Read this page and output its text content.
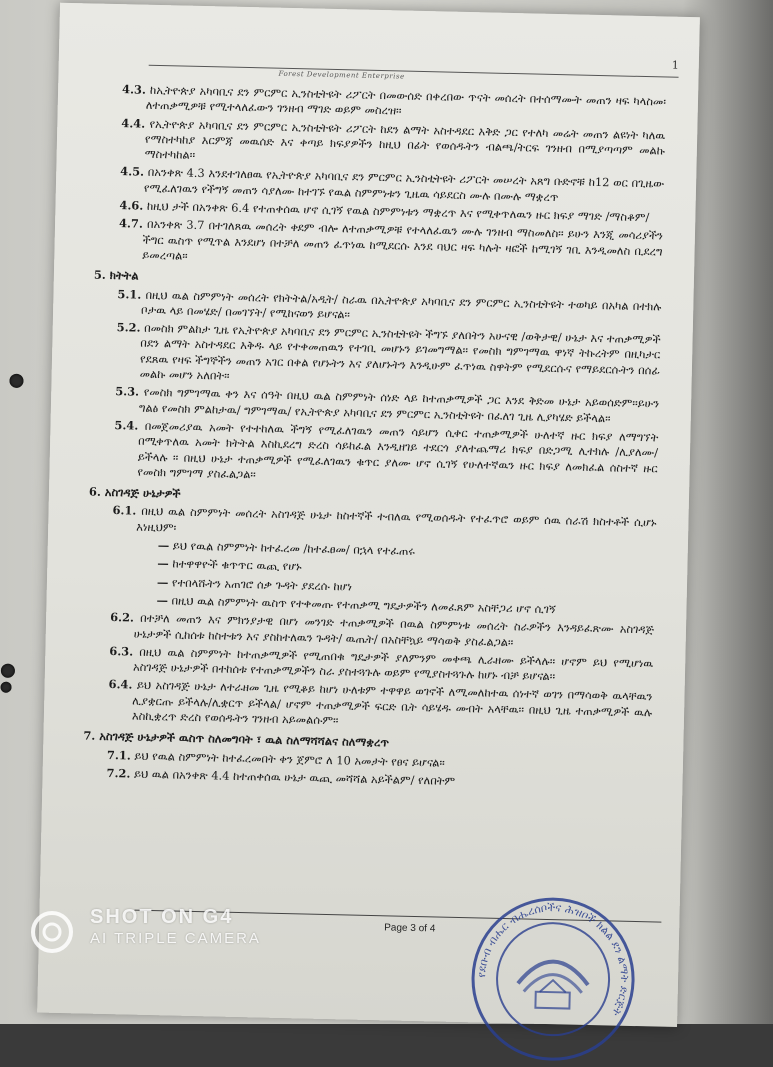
1
Forest Development Enterprise
4.3. ከኢትዮጵያ አካባቢና ደን ምርምር ኢንስቲትዩት ሪፖርት በመውሰድ በቀረበው ጥናት መሰረት በተሰማሙት መጠን ዛፍ ካላስመ፡ ለተጠቃሚዎቹ የሚተላለፈውን ገንዘብ ማገድ ወይም መስረዝ፡፡
4.4. የኢትዮጵያ አካባቢና ደን ምርምር ኢንስቲትዩት ሪፖርት ከደን ልማት አስተዳደር እቅድ ጋር የተለካ መሬት መጠን ልዩነት ካለዉ የማስተካከያ እርምጃ መዉሰድ እና ቀጣይ ክፍያዎችን ከዚህ በፊት የወሰዱትን ብልጫ/ትርፍ ገንዘብ በሚያጣጣም መልኩ ማስተካከል፡፡
4.5. በአንቀጽ 4.3 እንደተገለፀዉ የኢትዮጵያ አካባቢና ደን ምርምር ኢንስቲትዩት ሪፖርት መሠረት አጸግ ቡድኖቹ ከ12 ወር በጊዜው የሚፈለገዉን የችግኝ መጠን ሳያለሙ ከተገኙ የዉል ስምምነቱን ጊዜዉ ሳይደርስ ሙሉ በሙሉ ማቋረጥ
4.6. ከዚህ ታች በአንቀጽ 6.4 የተጠቀሰዉ ሆኖ ሲገኝ የዉል ስምምነቱን ማቋረጥ እና የሚቀጥለዉን ዙር ክፍያ ማገድ /ማስቆም/
4.7. በአንቀጽ 3.7 በተገለጸዉ መሰረት ቀደም ብሎ ለተጠቃሚዎቹ የተላለፈዉን ሙሉ ገንዘብ ማስመለስ፡፡ ይሁን እንጂ መሳሪያችን ችግር ዉስጥ የሚጥል እንደሆነ በተቻለ መጠን ፈጥነዉ ከሚደርሱ እንደ ባህር ዛፍ ካሉት ዛፎች ከሚገኝ ገቢ እንዲመለስ ቢደረግ ይመረጣል፡፡
5. ክትትል
5.1. በዚህ ዉል ስምምነት መሰረት የክትትል/አዲት/ ስራዉ በኢትዮጵያ አካባቢና ደን ምርምር ኢንስቲትዩት ተወካይ በአካል በተክሉ ቦታዉ ላይ በመሄድ/ በመገኘት/ የሚከናወን ይሆናል፡፡
5.2. በመስክ ምልከታ ጊዜ የኢትዮጵያ አካባቢና ደን ምርምር ኢንስቲትዩት ችግኙ ያለበትን አሁናዊ /ወቅታዊ/ ሁኔታ እና ተጠቃሚዎች በደን ልማት አስተዳደር እቅዱ ላይ የተቀመጠዉን የተገቢ መሆኑን ይገመግማል፡፡ የመስክ ግምገማዉ ዋነኛ ትኩረትም በዚካታር የደጸዉ የዛፍ ችግኞችን መጠን አገር በቀል የሆኑትን እና ያለሆኑትን እንዲሁም ፈጥነዉ ስዋትም የሚደርሱና የማይደርሱትን በሰፊ መልኩ መሆን አለበት፡፡
5.3. የመስክ ግምገማዉ ቀን እና ሰዓት በዚህ ዉል ስምምነት ሰነድ ላይ ከተጠቃሚዎች ጋር እንደ ቅድመ ሁኔታ አይወሰድም፡፡ይሁን ግልፅ የመስክ ምልከታዉ/ ግምገማዉ/ የኢትዮጵያ አካባቢና ደን ምርምር ኢንስቲትዩት በፈለገ ጊዜ ሊያካሄድ ይችላል፡፡
5.4. በመጀመሪያዉ አመት የተተከለዉ ችግኝ የሚፈለገዉን መጠን ሳይሆን ሲቀር ተጠቃሚዎች ሁለተኛ ዙር ክፍያ ለማግኘት በሚቀጥለዉ አመት ክትትል እስኪደረግ ድረስ ሳይከፈል እንዲዘገይ ተደርጎ ያለተጨማሪ ክፍያ በድጋሚ ሊተክሉ /ሊያለሙ/ ይችላሉ ። በዚህ ሁኔታ ተጠቃሚዎች የሚፈለገዉን ቁጥር ያለሙ ሆኖ ሲገኝ የሁለተኛዉን ዙር ክፍያ ለመክፈል ሰስተኛ ዙር የመስክ ግምገማ ያስፈልጋል፡፡
6. አስገዳጅ ሁኔታዎች
6.1. በዚህ ዉል ስምምነት መሰረት አስገዳጅ ሁኔታ ከስተኛች ተብለዉ የሚወሰዱት የተፈጥሮ ወይም ሰዉ ሰራሽ ክስተቶች ሲሆኑ እነዚህም፡
— ይህ የዉል ስምምነት ከተፈረመ /ከተፈፀመ/ በኋላ የተፈጠሩ
— ከተዋዋዮች ቁጥጥር ዉጪ የሆኑ
— የተበላሹትን አጠገሮ ሰቃ ጉዳት ያደረሱ ከሆነ
— በዚህ ዉል ስምምነት ዉስጥ የተቀመጡ የተጠቃሚ ግዴታዎችን ለመፈጸም አስቸጋሪ ሆኖ ሲገኝ
6.2. በተቻለ መጠን እና ምክንያታዊ በሆነ መንገድ ተጠቃሚዎች በዉል ስምምነቱ መሰረት ስራዎችን እንዳይፈጽሙ አስገዳጅ ሁኔታዎች ሲከሰቱ ከስተቱን እና ያስከተለዉን ጉዳት/ ዉጤት/ በአስቸኳይ ማሳወቅ ያስፈልጋል፡፡
6.3. በዚህ ዉል ስምምነት ከተጠቃሚዎች የሚጠበቁ ግዴታዎች ያለምንም መቀጫ ሊራዘሙ ይችላሉ፡፡ ሆኖም ይህ የሚሆነዉ አስገዳጅ ሁኔታዎች በተከሰቱ የተጠቃሚዎችን ስራ ያስተጓጉሉ ወይም የሚያስተጓጉሉ ከሆኑ ብቻ ይሆናል፡፡
6.4. ይህ አስገዳጅ ሁኔታ ለተራዘመ ጊዜ የሚቆይ ከሆነ ሁለቱም ተዋዋይ ወገኖች ለሚመለከተዉ ሰነተኛ ወገን በማሳወቅ ዉላቸዉን ሊያቋርጡ ይችላሉ/ሊቋርጥ ይችላል/ ሆኖም ተጠቃሚዎች ፍርድ ቤት ሳይሄዱ መብት አላቸዉ፡፡ በዚህ ጊዜ ተጠቃሚዎች ዉሉ እስኪቋረጥ ድረስ የወሰዱትን ገንዘብ አይመልሱም፡፡
7. አስገዳጅ ሁኔታዎች ዉስጥ ስለመግባት ፣ ዉል ስለማሻሻልና ስለማቋረጥ
7.1. ይህ የዉል ስምምነት ከተፈረመበት ቀን ጀምሮ ለ 10 አመታት የፀና ይሆናል፡፡
7.2. ይህ ዉል በአንቀጽ 4.4 ከተጠቀሰዉ ሁኔታ ዉጪ መሻሻል አይችልም/ የለበትም
Page 3 of 4
የደቡብ ብሔር ብሔረሰቦችና ሕዝቦች ክልል ደን ልማት ድርጅት
SHOT ON G4
AI TRIPLE CAMERA
